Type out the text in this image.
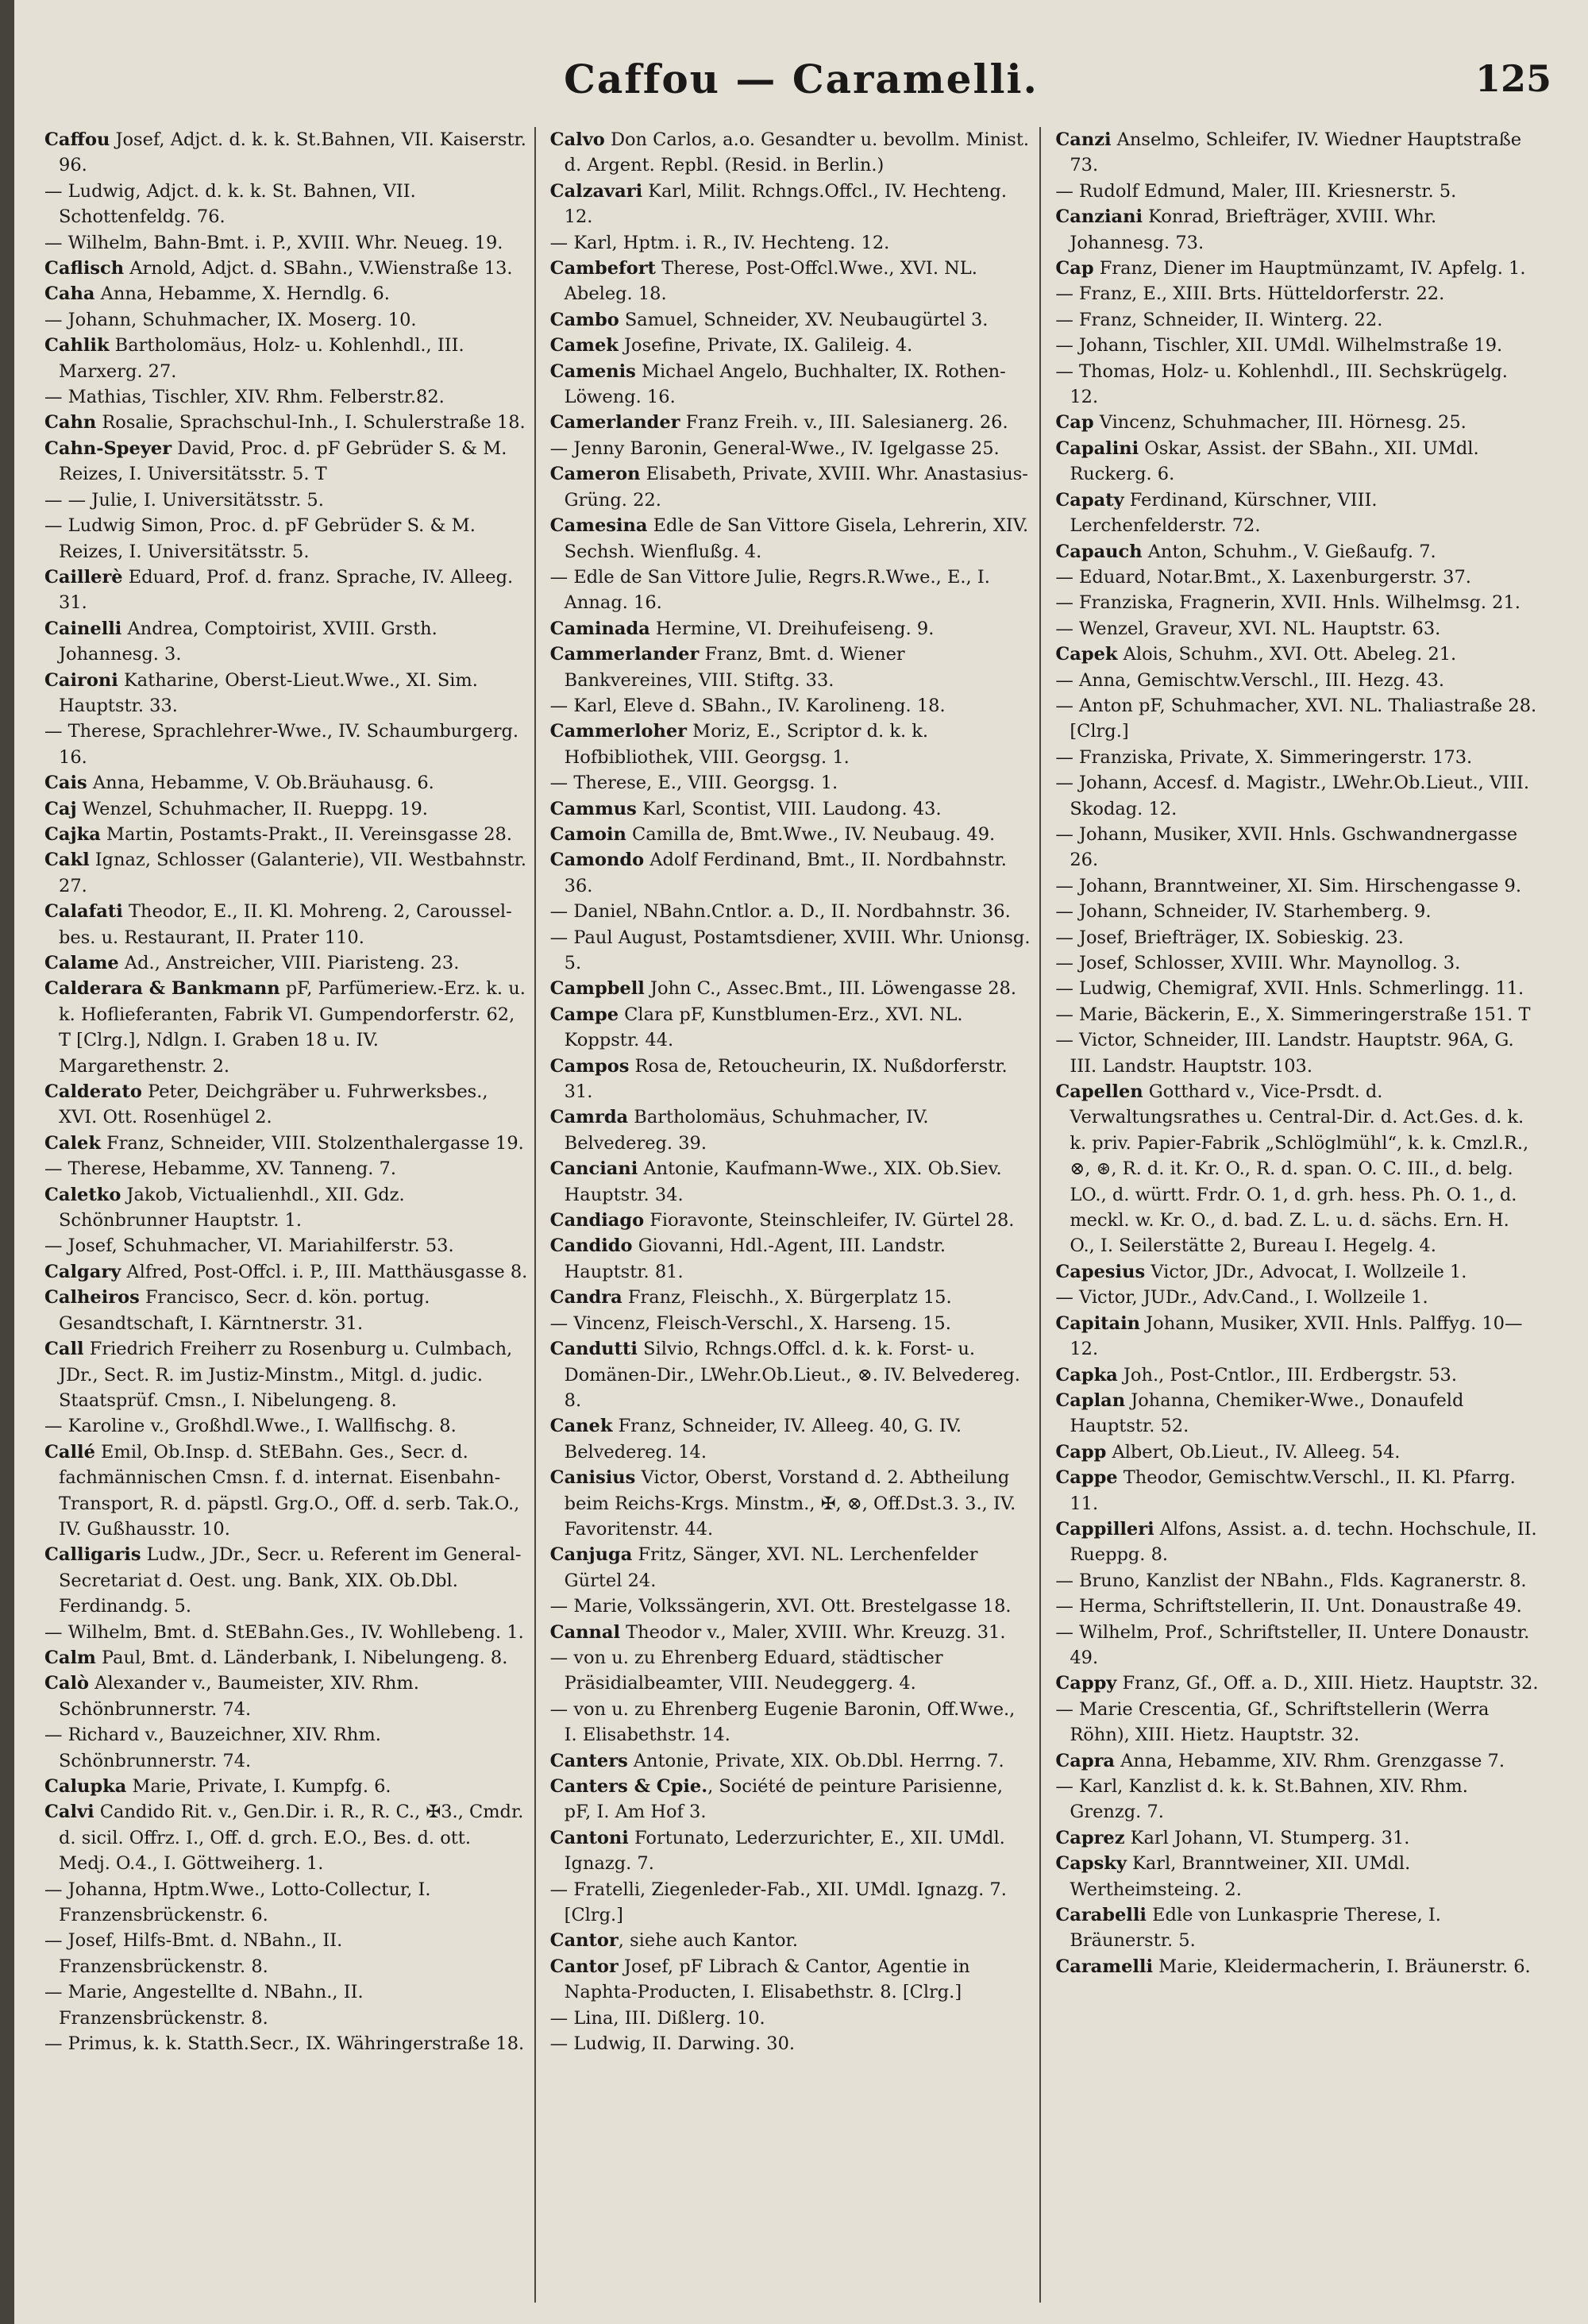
Caffou — Caramelli.	125

Caffou Josef, Adjct. d. k. k. St.Bahnen, VII. Kaiserstr. 96.

— Ludwig, Adjct. d. k. k. St. Bahnen, VII. Schottenfeldg. 76.

— Wilhelm, Bahn-Bmt. i. P., XVIII. Whr. Neueg. 19.

Caflisch Arnold, Adjct. d. SBahn., V.Wienstraße 13.

Caha Anna, Hebamme, X. Herndlg. 6.

— Johann, Schuhmacher, IX. Moserg. 10.

Cahlik Bartholomäus, Holz- u. Kohlenhdl., III. Marxerg. 27.

— Mathias, Tischler, XIV. Rhm. Felberstr.82.

Cahn Rosalie, Sprachschul-Inh., I. Schulerstraße 18.

Cahn-Speyer David, Proc. d. pF Gebrüder S. & M. Reizes, I. Universitätsstr. 5. T

— — Julie, I. Universitätsstr. 5.

— Ludwig Simon, Proc. d. pF Gebrüder S. & M. Reizes, I. Universitätsstr. 5.

Caillerè Eduard, Prof. d. franz. Sprache, IV. Alleeg. 31.

Cainelli Andrea, Comptoirist, XVIII. Grsth. Johannesg. 3.

Caironi Katharine, Oberst-Lieut.Wwe., XI. Sim. Hauptstr. 33.

— Therese, Sprachlehrer-Wwe., IV. Schaumburgerg. 16.

Cais Anna, Hebamme, V. Ob.Bräuhausg. 6.

Caj Wenzel, Schuhmacher, II. Rueppg. 19.

Cajka Martin, Postamts-Prakt., II. Vereinsgasse 28.

Cakl Ignaz, Schlosser (Galanterie), VII. Westbahnstr. 27.

Calafati Theodor, E., II. Kl. Mohreng. 2, Carousselbes. u. Restaurant, II. Prater 110.

Calame Ad., Anstreicher, VIII. Piaristeng. 23.

Calderara & Bankmann pF, Parfümeriew.-Erz. k. u. k. Hoflieferanten, Fabrik VI. Gumpendorferstr. 62, T [Clrg.], Ndlgn. I. Graben 18 u. IV. Margarethenstr. 2.

Calderato Peter, Deichgräber u. Fuhrwerksbes., XVI. Ott. Rosenhügel 2.

Calek Franz, Schneider, VIII. Stolzenthalergasse 19.

— Therese, Hebamme, XV. Tanneng. 7.

Caletko Jakob, Victualienhdl., XII. Gdz. Schönbrunner Hauptstr. 1.

— Josef, Schuhmacher, VI. Mariahilferstr. 53.

Calgary Alfred, Post-Offcl. i. P., III. Matthäusgasse 8.

Calheiros Francisco, Secr. d. kön. portug. Gesandtschaft, I. Kärntnerstr. 31.

Call Friedrich Freiherr zu Rosenburg u. Culmbach, JDr., Sect. R. im Justiz-Minstm., Mitgl. d. judic. Staatsprüf. Cmsn., I. Nibelungeng. 8.

— Karoline v., Großhdl.Wwe., I. Wallfischg. 8.

Callé Emil, Ob.Insp. d. StEBahn. Ges., Secr. d. fachmännischen Cmsn. f. d. internat. Eisenbahn-Transport, R. d. päpstl. Grg.O., Off. d. serb. Tak.O., IV. Gußhausstr. 10.

Calligaris Ludw., JDr., Secr. u. Referent im General-Secretariat d. Oest. ung. Bank, XIX. Ob.Dbl. Ferdinandg. 5.

— Wilhelm, Bmt. d. StEBahn.Ges., IV. Wohllebeng. 1.

Calm Paul, Bmt. d. Länderbank, I. Nibelungeng. 8.

Calò Alexander v., Baumeister, XIV. Rhm. Schönbrunnerstr. 74.

— Richard v., Bauzeichner, XIV. Rhm. Schönbrunnerstr. 74.

Calupka Marie, Private, I. Kumpfg. 6.

Calvi Candido Rit. v., Gen.Dir. i. R., R. C., ✠3., Cmdr. d. sicil. Offrz. I., Off. d. grch. E.O., Bes. d. ott. Medj. O.4., I. Göttweiherg. 1.

— Johanna, Hptm.Wwe., Lotto-Collectur, I. Franzensbrückenstr. 6.

— Josef, Hilfs-Bmt. d. NBahn., II. Franzensbrückenstr. 8.

— Marie, Angestellte d. NBahn., II. Franzensbrückenstr. 8.

— Primus, k. k. Statth.Secr., IX. Währingerstraße 18.

Calvo Don Carlos, a.o. Gesandter u. bevollm. Minist. d. Argent. Repbl. (Resid. in Berlin.)

Calzavari Karl, Milit. Rchngs.Offcl., IV. Hechteng. 12.

— Karl, Hptm. i. R., IV. Hechteng. 12.

Cambefort Therese, Post-Offcl.Wwe., XVI. NL. Abeleg. 18.

Cambo Samuel, Schneider, XV. Neubaugürtel 3.

Camek Josefine, Private, IX. Galileig. 4.

Camenis Michael Angelo, Buchhalter, IX. Rothen-Löweng. 16.

Camerlander Franz Freih. v., III. Salesianerg. 26.

— Jenny Baronin, General-Wwe., IV. Igelgasse 25.

Cameron Elisabeth, Private, XVIII. Whr. Anastasius-Grüng. 22.

Camesina Edle de San Vittore Gisela, Lehrerin, XIV. Sechsh. Wienflußg. 4.

— Edle de San Vittore Julie, Regrs.R.Wwe., E., I. Annag. 16.

Caminada Hermine, VI. Dreihufeiseng. 9.

Cammerlander Franz, Bmt. d. Wiener Bankvereines, VIII. Stiftg. 33.

— Karl, Eleve d. SBahn., IV. Karolineng. 18.

Cammerloher Moriz, E., Scriptor d. k. k. Hofbibliothek, VIII. Georgsg. 1.

— Therese, E., VIII. Georgsg. 1.

Cammus Karl, Scontist, VIII. Laudong. 43.

Camoin Camilla de, Bmt.Wwe., IV. Neubaug. 49.

Camondo Adolf Ferdinand, Bmt., II. Nordbahnstr. 36.

— Daniel, NBahn.Cntlor. a. D., II. Nordbahnstr. 36.

— Paul August, Postamtsdiener, XVIII. Whr. Unionsg. 5.

Campbell John C., Assec.Bmt., III. Löwengasse 28.

Campe Clara pF, Kunstblumen-Erz., XVI. NL. Koppstr. 44.

Campos Rosa de, Retoucheurin, IX. Nußdorferstr. 31.

Camrda Bartholomäus, Schuhmacher, IV. Belvedereg. 39.

Canciani Antonie, Kaufmann-Wwe., XIX. Ob.Siev. Hauptstr. 34.

Candiago Fioravonte, Steinschleifer, IV. Gürtel 28.

Candido Giovanni, Hdl.-Agent, III. Landstr. Hauptstr. 81.

Candra Franz, Fleischh., X. Bürgerplatz 15.

— Vincenz, Fleisch-Verschl., X. Harseng. 15.

Candutti Silvio, Rchngs.Offcl. d. k. k. Forst- u. Domänen-Dir., LWehr.Ob.Lieut., ⊗. IV. Belvedereg. 8.

Canek Franz, Schneider, IV. Alleeg. 40, G. IV. Belvedereg. 14.

Canisius Victor, Oberst, Vorstand d. 2. Abtheilung beim Reichs-Krgs. Minstm., ✠, ⊗, Off.Dst.3. 3., IV. Favoritenstr. 44.

Canjuga Fritz, Sänger, XVI. NL. Lerchenfelder Gürtel 24.

— Marie, Volkssängerin, XVI. Ott. Brestelgasse 18.

Cannal Theodor v., Maler, XVIII. Whr. Kreuzg. 31.

— von u. zu Ehrenberg Eduard, städtischer Präsidialbeamter, VIII. Neudeggerg. 4.

— von u. zu Ehrenberg Eugenie Baronin, Off.Wwe., I. Elisabethstr. 14.

Canters Antonie, Private, XIX. Ob.Dbl. Herrng. 7.

Canters & Cpie., Société de peinture Parisienne, pF, I. Am Hof 3.

Cantoni Fortunato, Lederzurichter, E., XII. UMdl. Ignazg. 7.

— Fratelli, Ziegenleder-Fab., XII. UMdl. Ignazg. 7. [Clrg.]

Cantor, siehe auch Kantor.

Cantor Josef, pF Librach & Cantor, Agentie in Naphta-Producten, I. Elisabethstr. 8. [Clrg.]

— Lina, III. Dißlerg. 10.

— Ludwig, II. Darwing. 30.

Canzi Anselmo, Schleifer, IV. Wiedner Hauptstraße 73.

— Rudolf Edmund, Maler, III. Kriesnerstr. 5.

Canziani Konrad, Briefträger, XVIII. Whr. Johannesg. 73.

Cap Franz, Diener im Hauptmünzamt, IV. Apfelg. 1.

— Franz, E., XIII. Brts. Hütteldorferstr. 22.

— Franz, Schneider, II. Winterg. 22.

— Johann, Tischler, XII. UMdl. Wilhelmstraße 19.

— Thomas, Holz- u. Kohlenhdl., III. Sechskrügelg. 12.

Cap Vincenz, Schuhmacher, III. Hörnesg. 25.

Capalini Oskar, Assist. der SBahn., XII. UMdl. Ruckerg. 6.

Capaty Ferdinand, Kürschner, VIII. Lerchenfelderstr. 72.

Capauch Anton, Schuhm., V. Gießaufg. 7.

— Eduard, Notar.Bmt., X. Laxenburgerstr. 37.

— Franziska, Fragnerin, XVII. Hnls. Wilhelmsg. 21.

— Wenzel, Graveur, XVI. NL. Hauptstr. 63.

Capek Alois, Schuhm., XVI. Ott. Abeleg. 21.

— Anna, Gemischtw.Verschl., III. Hezg. 43.

— Anton pF, Schuhmacher, XVI. NL. Thaliastraße 28. [Clrg.]

— Franziska, Private, X. Simmeringerstr. 173.

— Johann, Accesf. d. Magistr., LWehr.Ob.Lieut., VIII. Skodag. 12.

— Johann, Musiker, XVII. Hnls. Gschwandnergasse 26.

— Johann, Branntweiner, XI. Sim. Hirschengasse 9.

— Johann, Schneider, IV. Starhemberg. 9.

— Josef, Briefträger, IX. Sobieskig. 23.

— Josef, Schlosser, XVIII. Whr. Maynollog. 3.

— Ludwig, Chemigraf, XVII. Hnls. Schmerlingg. 11.

— Marie, Bäckerin, E., X. Simmeringerstraße 151. T

— Victor, Schneider, III. Landstr. Hauptstr. 96A, G. III. Landstr. Hauptstr. 103.

Capellen Gotthard v., Vice-Prsdt. d. Verwaltungsrathes u. Central-Dir. d. Act.Ges. d. k. k. priv. Papier-Fabrik „Schlöglmühl“, k. k. Cmzl.R., ⊗, ⊛, R. d. it. Kr. O., R. d. span. O. C. III., d. belg. LO., d. württ. Frdr. O. 1, d. grh. hess. Ph. O. 1., d. meckl. w. Kr. O., d. bad. Z. L. u. d. sächs. Ern. H. O., I. Seilerstätte 2, Bureau I. Hegelg. 4.

Capesius Victor, JDr., Advocat, I. Wollzeile 1.

— Victor, JUDr., Adv.Cand., I. Wollzeile 1.

Capitain Johann, Musiker, XVII. Hnls. Palffyg. 10—12.

Capka Joh., Post-Cntlor., III. Erdbergstr. 53.

Caplan Johanna, Chemiker-Wwe., Donaufeld Hauptstr. 52.

Capp Albert, Ob.Lieut., IV. Alleeg. 54.

Cappe Theodor, Gemischtw.Verschl., II. Kl. Pfarrg. 11.

Cappilleri Alfons, Assist. a. d. techn. Hochschule, II. Rueppg. 8.

— Bruno, Kanzlist der NBahn., Flds. Kagranerstr. 8.

— Herma, Schriftstellerin, II. Unt. Donaustraße 49.

— Wilhelm, Prof., Schriftsteller, II. Untere Donaustr. 49.

Cappy Franz, Gf., Off. a. D., XIII. Hietz. Hauptstr. 32.

— Marie Crescentia, Gf., Schriftstellerin (Werra Röhn), XIII. Hietz. Hauptstr. 32.

Capra Anna, Hebamme, XIV. Rhm. Grenzgasse 7.

— Karl, Kanzlist d. k. k. St.Bahnen, XIV. Rhm. Grenzg. 7.

Caprez Karl Johann, VI. Stumperg. 31.

Capsky Karl, Branntweiner, XII. UMdl. Wertheimsteing. 2.

Carabelli Edle von Lunkasprie Therese, I. Bräunerstr. 5.

Caramelli Marie, Kleidermacherin, I. Bräunerstr. 6.
